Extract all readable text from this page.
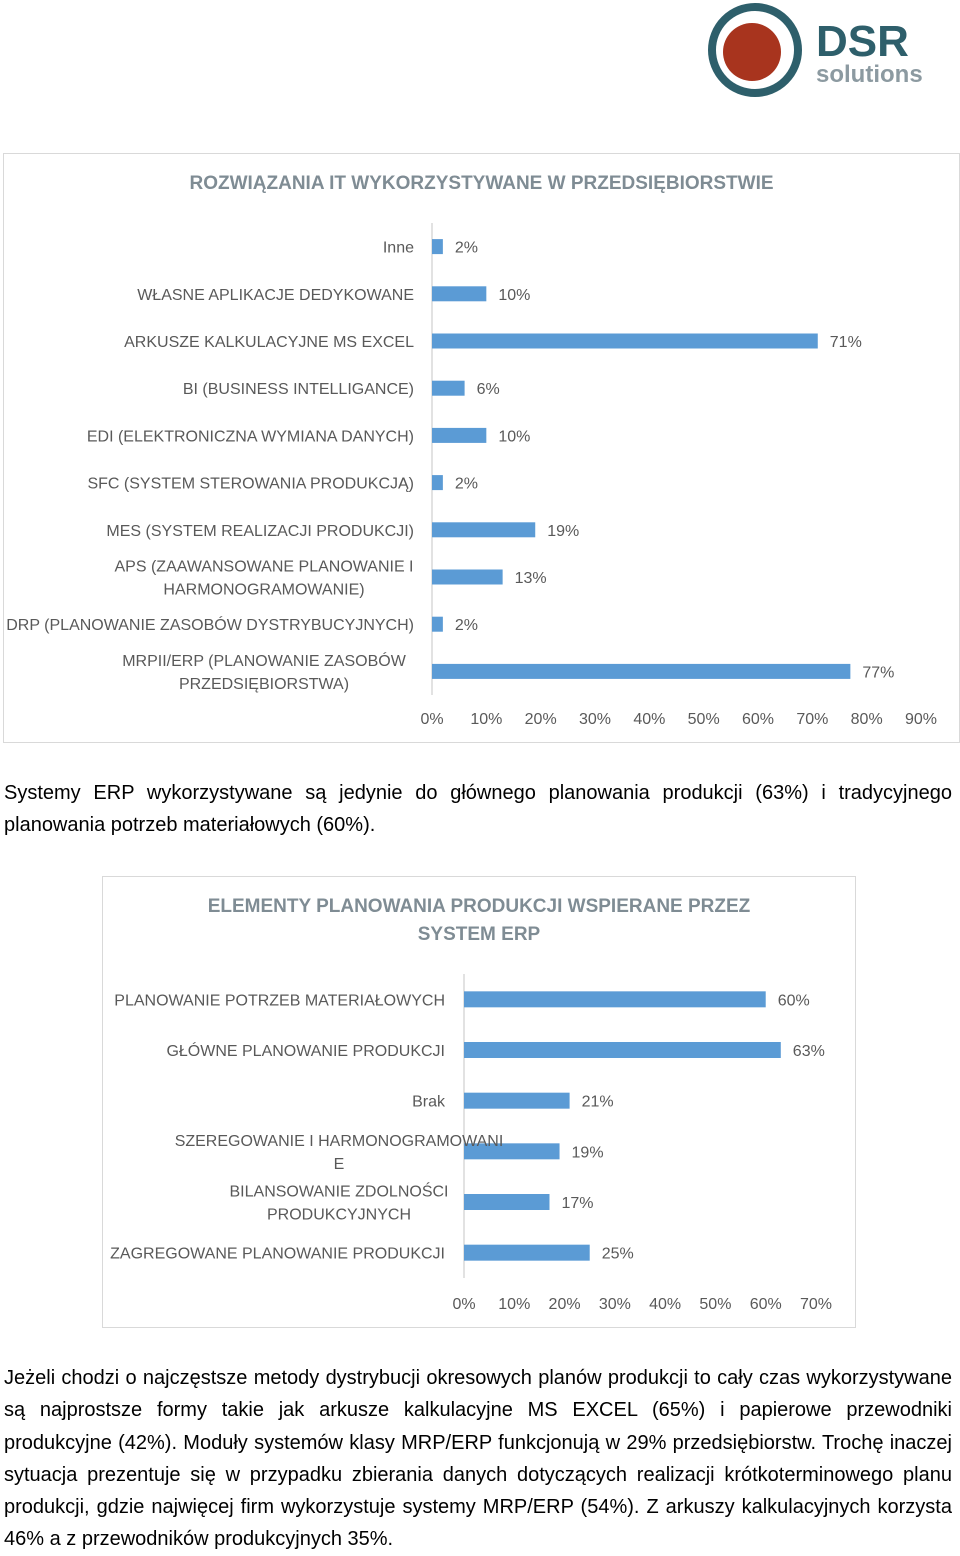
DSR
solutions
ROZWIĄZANIA IT WYKORZYSTYWANE W PRZEDSIĘBIORSTWIE
2%
Inne
10%
WŁASNE APLIKACJE DEDYKOWANE
71%
ARKUSZE KALKULACYJNE MS EXCEL
6%
BI (BUSINESS INTELLIGANCE)
10%
EDI (ELEKTRONICZNA WYMIANA DANYCH)
2%
SFC (SYSTEM STEROWANIA PRODUKCJĄ)
19%
MES (SYSTEM REALIZACJI PRODUKCJI)
13%
APS (ZAAWANSOWANE PLANOWANIE I
HARMONOGRAMOWANIE)
2%
DRP (PLANOWANIE ZASOBÓW DYSTRYBUCYJNYCH)
77%
MRPII/ERP (PLANOWANIE ZASOBÓW
PRZEDSIĘBIORSTWA)
0% 10% 20% 30% 40% 50% 60% 70% 80% 90%
Systemy ERP wykorzystywane są jedynie do głównego planowania produkcji (63%) i tradycyjnego planowania potrzeb materiałowych (60%).
ELEMENTY PLANOWANIA PRODUKCJI WSPIERANE PRZEZ
SYSTEM ERP
60%
PLANOWANIE POTRZEB MATERIAŁOWYCH
63%
GŁÓWNE PLANOWANIE PRODUKCJI
21%
Brak
19%
SZEREGOWANIE I HARMONOGRAMOWANI
E
17%
BILANSOWANIE ZDOLNOŚCI
PRODUKCYJNYCH
25%
ZAGREGOWANE PLANOWANIE PRODUKCJI
0% 10% 20% 30% 40% 50% 60% 70%
Jeżeli chodzi o najczęstsze metody dystrybucji okresowych planów produkcji to cały czas wykorzystywane są najprostsze formy takie jak arkusze kalkulacyjne MS EXCEL (65%) i papierowe przewodniki produkcyjne (42%). Moduły systemów klasy MRP/ERP funkcjonują w 29% przedsiębiorstw. Trochę inaczej sytuacja prezentuje się w przypadku zbierania danych dotyczących realizacji krótkoterminowego planu produkcji, gdzie najwięcej firm wykorzystuje systemy MRP/ERP (54%). Z arkuszy kalkulacyjnych korzysta 46% a z przewodników produkcyjnych 35%.
